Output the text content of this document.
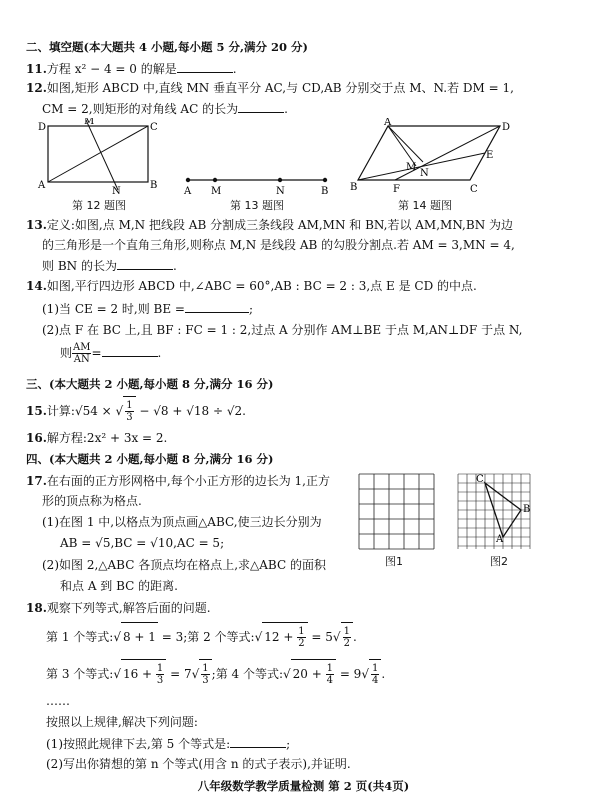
二、填空题(本大题共 4 小题,每小题 5 分,满分 20 分)
11.方程 x² − 4 = 0 的解是	.
12.如图,矩形 ABCD 中,直线 MN 垂直平分 AC,与 CD,AB 分别交于点 M、N.若 DM = 1,
CM = 2,则矩形的对角线 AC 的长为	.
D
M
C
A
N
B
第 12 题图
A M	N	B
第 13 题图
A	D
M
N
E
B	F	C
第 14 题图
13.定义:如图,点 M,N 把线段 AB 分割成三条线段 AM,MN 和 BN,若以 AM,MN,BN 为边
的三角形是一个直角三角形,则称点 M,N 是线段 AB 的勾股分割点.若 AM = 3,MN = 4,
则 BN 的长为	.
14.如图,平行四边形 ABCD 中,∠ABC = 60°,AB : BC = 2 : 3,点 E 是 CD 的中点.
(1)当 CE = 2 时,则 BE =	;
(2)点 F 在 BC 上,且 BF : FC = 1 : 2,过点 A 分别作 AM⊥BE 于点 M,AN⊥DF 于点 N,
则 $\frac{AM}{AN}$ =	.
三、(本大题共 2 小题,每小题 8 分,满分 16 分)
15.计算:√54 × √ $\frac{1}{3} - √8 + √18 \div √2$.
16.解方程:2x² + 3x = 2.
四、(本大题共 2 小题,每小题 8 分,满分 16 分)
17.在右面的正方形网格中,每个小正方形的边长为 1,正方
形的顶点称为格点.
(1)在图 1 中,以格点为顶点画△ABC,使三边长分别为
AB = √5,BC = √10,AC = 5;
(2)如图 2,△ABC 各顶点均在格点上,求△ABC 的面积
和点 A 到 BC 的距离.
图1
C
B
A
图2
18.观察下列等式,解答后面的问题.
第 1 个等式:√ 8 + 1 = 3;第 2 个等式:√ $12 + \frac{1}{2} = 5√ \frac{1}{2}$ .
第 3 个等式:√ $16 + \frac{1}{3} = 7√ \frac{1}{3}$ ;第 4 个等式:√ $20 + \frac{1}{4} = 9√ \frac{1}{4}$ .
……
按照以上规律,解决下列问题:
(1)按照此规律下去,第 5 个等式是:	;
(2)写出你猜想的第 n 个等式(用含 n 的式子表示),并证明.
八年级数学教学质量检测 第 2 页(共4页)
